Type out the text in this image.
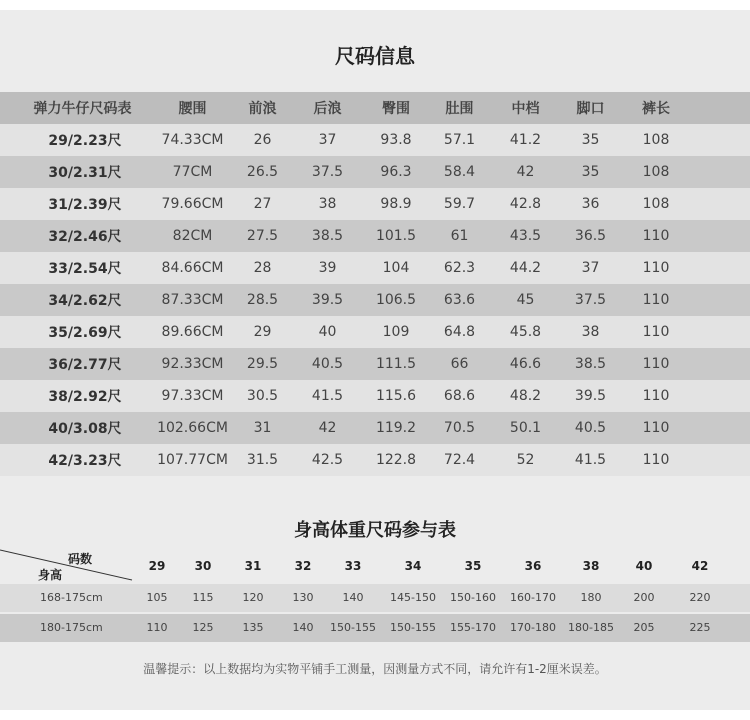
尺码信息
弹力牛仔尺码表	腰围	前浪	后浪	臀围	肚围	中档	脚口	裤长
29/2.23尺	74.33CM	26	37	93.8	57.1	41.2	35	108
30/2.31尺	77CM	26.5	37.5	96.3	58.4	42	35	108
31/2.39尺	79.66CM	27	38	98.9	59.7	42.8	36	108
32/2.46尺	82CM	27.5	38.5	101.5	61	43.5	36.5	110
33/2.54尺	84.66CM	28	39	104	62.3	44.2	37	110
34/2.62尺	87.33CM	28.5	39.5	106.5	63.6	45	37.5	110
35/2.69尺	89.66CM	29	40	109	64.8	45.8	38	110
36/2.77尺	92.33CM	29.5	40.5	111.5	66	46.6	38.5	110
38/2.92尺	97.33CM	30.5	41.5	115.6	68.6	48.2	39.5	110
40/3.08尺	102.66CM	31	42	119.2	70.5	50.1	40.5	110
42/3.23尺	107.77CM	31.5	42.5	122.8	72.4	52	41.5	110
身高体重尺码参与表
码数
身高
29	30	31	32	33	34	35	36	38	40	42
168-175cm	105	115	120	130	140	145-150	150-160	160-170	180	200	220
180-175cm	110	125	135	140	150-155	150-155	155-170	170-180	180-185	205	225
温馨提示：以上数据均为实物平铺手工测量，因测量方式不同，请允许有1-2厘米误差。
